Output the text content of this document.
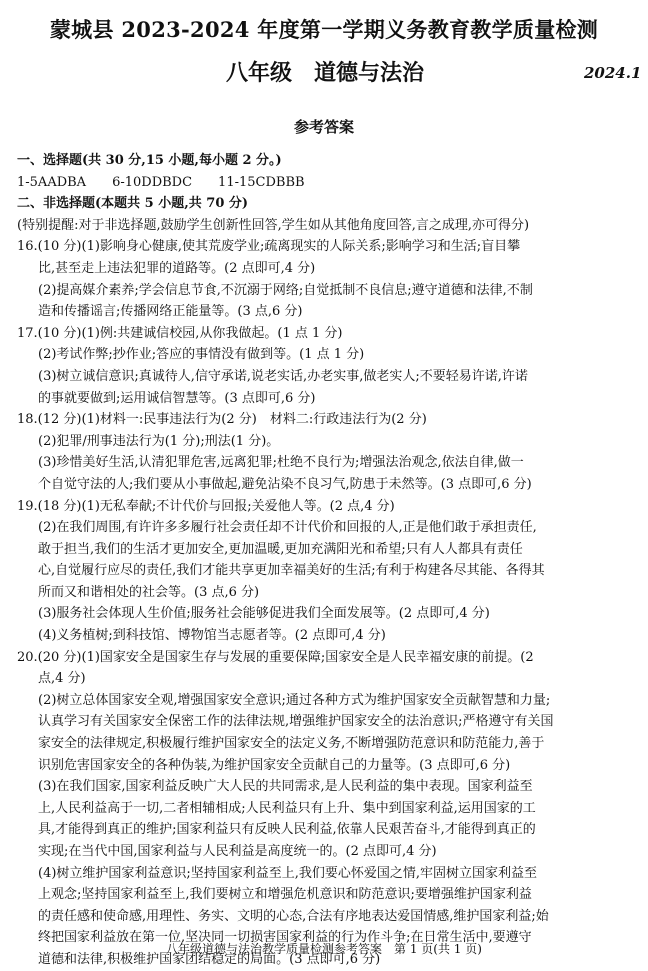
蒙城县 2023-2024 年度第一学期义务教育教学质量检测
八年级　道德与法治	2024.1
参考答案
一、选择题(共 30 分,15 小题,每小题 2 分。)
1-5AADBA　　6-10DDBDC　　11-15CDBBB
二、非选择题(本题共 5 小题,共 70 分)
(特别提醒:对于非选择题,鼓励学生创新性回答,学生如从其他角度回答,言之成理,亦可得分)
16.(10 分)(1)影响身心健康,使其荒废学业;疏离现实的人际关系;影响学习和生活;盲目攀
比,甚至走上违法犯罪的道路等。(2 点即可,4 分)
(2)提高媒介素养;学会信息节食,不沉溺于网络;自觉抵制不良信息;遵守道德和法律,不制
造和传播谣言;传播网络正能量等。(3 点,6 分)
17.(10 分)(1)例:共建诚信校园,从你我做起。(1 点 1 分)
(2)考试作弊;抄作业;答应的事情没有做到等。(1 点 1 分)
(3)树立诚信意识;真诚待人,信守承诺,说老实话,办老实事,做老实人;不要轻易许诺,许诺
的事就要做到;运用诚信智慧等。(3 点即可,6 分)
18.(12 分)(1)材料一:民事违法行为(2 分)　材料二:行政违法行为(2 分)
(2)犯罪/刑事违法行为(1 分);刑法(1 分)。
(3)珍惜美好生活,认清犯罪危害,远离犯罪;杜绝不良行为;增强法治观念,依法自律,做一
个自觉守法的人;我们要从小事做起,避免沾染不良习气,防患于未然等。(3 点即可,6 分)
19.(18 分)(1)无私奉献;不计代价与回报;关爱他人等。(2 点,4 分)
(2)在我们周围,有许许多多履行社会责任却不计代价和回报的人,正是他们敢于承担责任,
敢于担当,我们的生活才更加安全,更加温暖,更加充满阳光和希望;只有人人都具有责任
心,自觉履行应尽的责任,我们才能共享更加幸福美好的生活;有利于构建各尽其能、各得其
所而又和谐相处的社会等。(3 点,6 分)
(3)服务社会体现人生价值;服务社会能够促进我们全面发展等。(2 点即可,4 分)
(4)义务植树;到科技馆、博物馆当志愿者等。(2 点即可,4 分)
20.(20 分)(1)国家安全是国家生存与发展的重要保障;国家安全是人民幸福安康的前提。(2
点,4 分)
(2)树立总体国家安全观,增强国家安全意识;通过各种方式为维护国家安全贡献智慧和力量;
认真学习有关国家安全保密工作的法律法规,增强维护国家安全的法治意识;严格遵守有关国
家安全的法律规定,积极履行维护国家安全的法定义务,不断增强防范意识和防范能力,善于
识别危害国家安全的各种伪装,为维护国家安全贡献自己的力量等。(3 点即可,6 分)
(3)在我们国家,国家利益反映广大人民的共同需求,是人民利益的集中表现。国家利益至
上,人民利益高于一切,二者相辅相成;人民利益只有上升、集中到国家利益,运用国家的工
具,才能得到真正的维护;国家利益只有反映人民利益,依靠人民艰苦奋斗,才能得到真正的
实现;在当代中国,国家利益与人民利益是高度统一的。(2 点即可,4 分)
(4)树立维护国家利益意识;坚持国家利益至上,我们要心怀爱国之情,牢固树立国家利益至
上观念;坚持国家利益至上,我们要树立和增强危机意识和防范意识;要增强维护国家利益
的责任感和使命感,用理性、务实、文明的心态,合法有序地表达爱国情感,维护国家利益;始
终把国家利益放在第一位,坚决同一切损害国家利益的行为作斗争;在日常生活中,要遵守
道德和法律,积极维护国家团结稳定的局面。(3 点即可,6 分)
八年级道德与法治教学质量检测参考答案　第 1 页(共 1 页)
